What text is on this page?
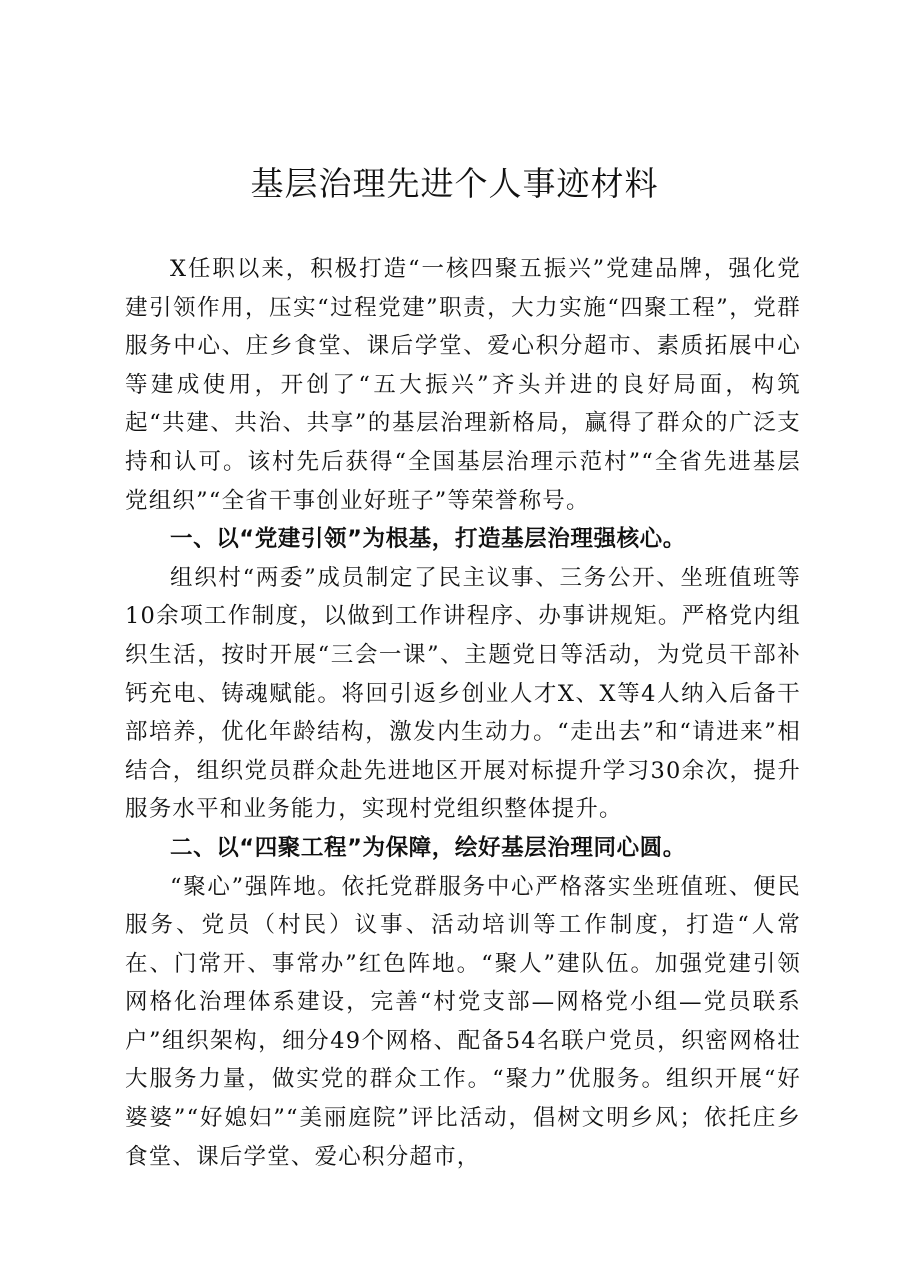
基层治理先进个人事迹材料

X任职以来，积极打造“一核四聚五振兴”党建品牌，强化党建引领作用，压实“过程党建”职责，大力实施“四聚工程”，党群服务中心、庄乡食堂、课后学堂、爱心积分超市、素质拓展中心等建成使用，开创了“五大振兴”齐头并进的良好局面，构筑起“共建、共治、共享”的基层治理新格局，赢得了群众的广泛支持和认可。该村先后获得“全国基层治理示范村”“全省先进基层党组织”“全省干事创业好班子”等荣誉称号。

一、以“党建引领”为根基，打造基层治理强核心。

组织村“两委”成员制定了民主议事、三务公开、坐班值班等10余项工作制度，以做到工作讲程序、办事讲规矩。严格党内组织生活，按时开展“三会一课”、主题党日等活动，为党员干部补钙充电、铸魂赋能。将回引返乡创业人才X、X等4人纳入后备干部培养，优化年龄结构，激发内生动力。“走出去”和“请进来”相结合，组织党员群众赴先进地区开展对标提升学习30余次，提升服务水平和业务能力，实现村党组织整体提升。

二、以“四聚工程”为保障，绘好基层治理同心圆。

“聚心”强阵地。依托党群服务中心严格落实坐班值班、便民服务、党员（村民）议事、活动培训等工作制度，打造“人常在、门常开、事常办”红色阵地。“聚人”建队伍。加强党建引领网格化治理体系建设，完善“村党支部—网格党小组—党员联系户”组织架构，细分49个网格、配备54名联户党员，织密网格壮大服务力量，做实党的群众工作。“聚力”优服务。组织开展“好婆婆”“好媳妇”“美丽庭院”评比活动，倡树文明乡风；依托庄乡食堂、课后学堂、爱心积分超市，
